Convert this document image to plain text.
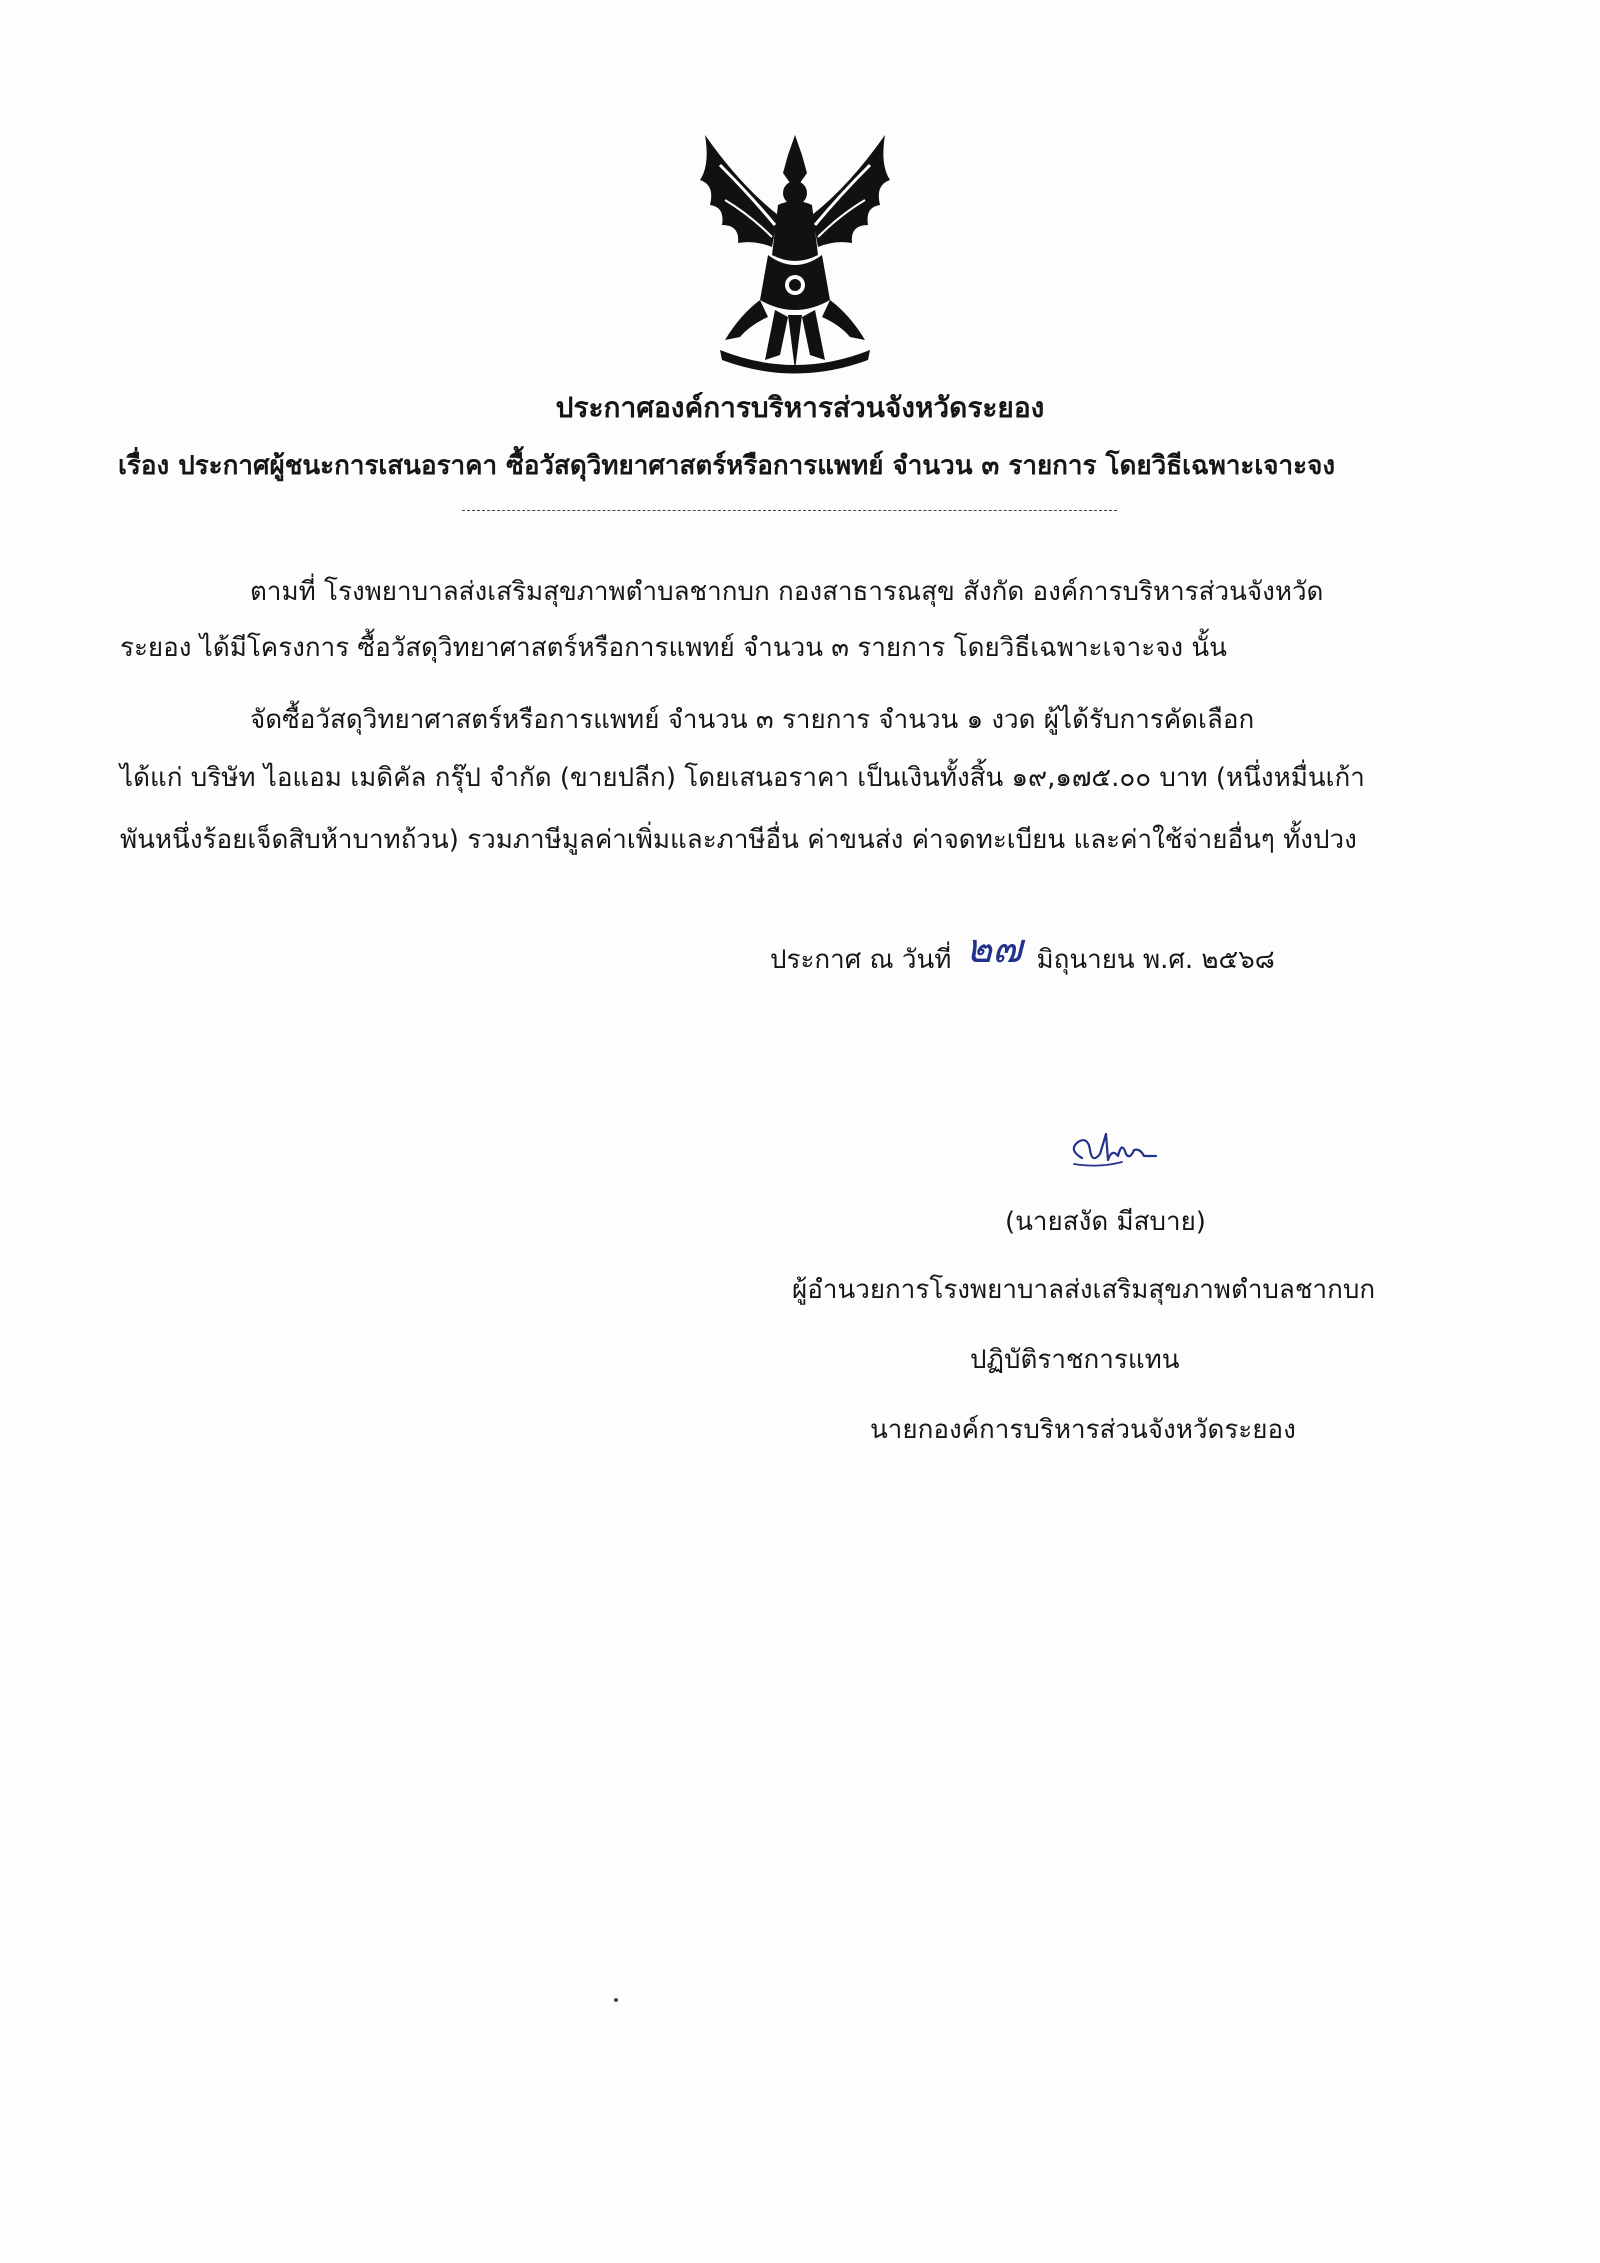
ประกาศองค์การบริหารส่วนจังหวัดระยอง
เรื่อง ประกาศผู้ชนะการเสนอราคา ซื้อวัสดุวิทยาศาสตร์หรือการแพทย์ จำนวน ๓ รายการ โดยวิธีเฉพาะเจาะจง
ตามที่ โรงพยาบาลส่งเสริมสุขภาพตำบลชากบก กองสาธารณสุข สังกัด องค์การบริหารส่วนจังหวัด
ระยอง ได้มีโครงการ ซื้อวัสดุวิทยาศาสตร์หรือการแพทย์ จำนวน ๓ รายการ โดยวิธีเฉพาะเจาะจง นั้น
จัดซื้อวัสดุวิทยาศาสตร์หรือการแพทย์ จำนวน ๓ รายการ จำนวน ๑ งวด ผู้ได้รับการคัดเลือก
ได้แก่ บริษัท ไอแอม เมดิคัล กรุ๊ป จำกัด (ขายปลีก) โดยเสนอราคา เป็นเงินทั้งสิ้น ๑๙,๑๗๕.๐๐ บาท (หนึ่งหมื่นเก้า
พันหนึ่งร้อยเจ็ดสิบห้าบาทถ้วน) รวมภาษีมูลค่าเพิ่มและภาษีอื่น ค่าขนส่ง ค่าจดทะเบียน และค่าใช้จ่ายอื่นๆ ทั้งปวง
ประกาศ ณ วันที่ ๒๗ มิถุนายน พ.ศ. ๒๕๖๘
(นายสงัด มีสบาย)
ผู้อำนวยการโรงพยาบาลส่งเสริมสุขภาพตำบลชากบก
ปฏิบัติราชการแทน
นายกองค์การบริหารส่วนจังหวัดระยอง
